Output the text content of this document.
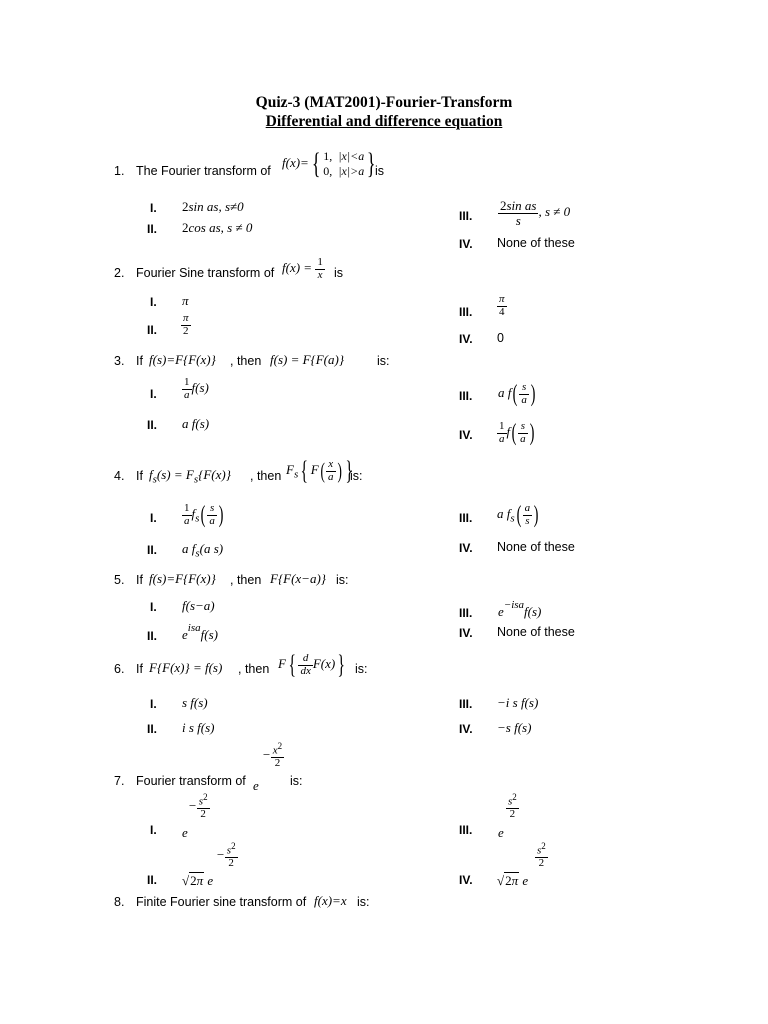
Quiz-3 (MAT2001)-Fourier-Transform
Differential and difference equation
1. The Fourier transform of
f(x)={ 1,  |x|<a
0,  |x|>a} is
I. 2sin as, s≠0
II. 2cos as, s ≠ 0
III. $\frac{\text{2sin as}}{s}$ , s ≠ 0
IV. None of these
2. Fourier Sine transform of $f(x) = \frac{1}{x}$ is
I. π
II. $\frac{\pi}{2}$
III. $\frac{\pi}{4}$
IV. 0
3. If f(s)=F{F(x)} , then f(s) = F{F(a)}	is:
I. $\frac{1}{a} f(s)$
II. a f(s)
III. a $f( \frac{s}{a}$ )
IV. $\frac{1}{a} f( \frac{s}{a}$ )
4. If $f_s(s) = F_s\{F(x)\}$ , then $F_s${ $F( \frac{x}{a}$ ) }
is:
I. $\frac{1}{a} f_s( \frac{s}{a}$ )
II. a $f_s(a$ s)
III. a $f_s( \frac{a}{s}$ )
IV. None of these
5. If f(s)=F{F(x)} , then F{F(x−a)} is:
I. f(s−a)
II. $e^{isa}f(s)$
III. $e^{-isa}f(s)$
IV. None of these
6. If F{F(x)} = f(s) , then $F\{ \frac{d}{dx} F(x)\}$ is:
I. s f(s)
II. i s f(s)
III. −i s f(s)
IV. −s f(s)
7. Fourier transform of e
− $\frac{x^2}{2}$
is:
I. e
− $\frac{s^2}{2}$
II. √2π e
− $\frac{s^2}{2}$
III. e
$\frac{s^2}{2}$
IV. √2π e
$\frac{s^2}{2}$
8. Finite Fourier sine transform of f(x)=x is:
